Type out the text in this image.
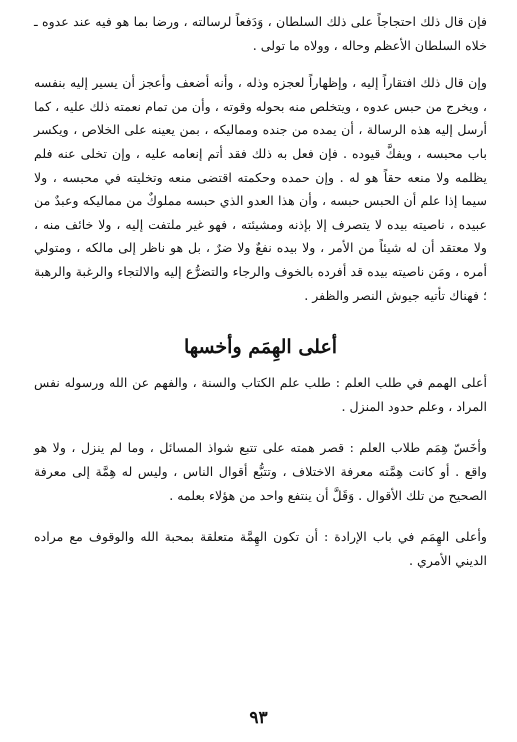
فإن قال ذلك احتجاجاً على ذلك السلطان ، وَدَفعاً لرسالته ، ورضا بما هو فيه عند عدوه ـ خلاه السلطان الأعظم وحاله ، وولاه ما تولى .

وإن قال ذلك افتقاراً إليه ، وإظهاراً لعجزه وذله ، وأنه أضعف وأعجز أن يسير إليه بنفسه ، ويخرج من حبس عدوه ، ويتخلص منه بحوله وقوته ، وأن من تمام نعمته ذلك عليه ، كما أرسل إليه هذه الرسالة ، أن يمده من جنده ومماليكه ، بمن يعينه على الخلاص ، ويكسر باب محبسه ، ويفكَّ قيوده . فإن فعل به ذلك فقد أتم إنعامه عليه ، وإن تخلى عنه فلم يظلمه ولا منعه حقاً هو له . وإن حمده وحكمته اقتضى منعه وتخليته في محبسه ، ولا سيما إذا علم أن الحبس حبسه ، وأن هذا العدو الذي حبسه مملوكٌ من مماليكه وعبدٌ من عبيده ، ناصيته بيده لا يتصرف إلا بإذنه ومشيئته ، فهو غير ملتفت إليه ، ولا خائف منه ، ولا معتقد أن له شيئاً من الأمر ، ولا بيده نفعٌ ولا ضرٌ ، بل هو ناظر إلى مالكه ، ومتولي أمره ، ومَن ناصيته بيده قد أفرده بالخوف والرجاء والتضرُّع إليه والالتجاء والرغبة والرهبة ؛ فهناك تأتيه جيوش النصر والظفر .

أعلى الهِمَم وأخسها

أعلى الهمم في طلب العلم : طلب علم الكتاب والسنة ، والفهم عن الله ورسوله نفس المراد ، وعلم حدود المنزل .

وأخَسّ هِمَم طلاب العلم : قصر همته على تتبع شواذ المسائل ، وما لم ينزل ، ولا هو واقع . أو كانت هِمَّته معرفة الاختلاف ، وتتبُّع أقوال الناس ، وليس له هِمَّة إلى معرفة الصحيح من تلك الأقوال . وَقَلَّ أن ينتفع واحد من هؤلاء بعلمه .

وأعلى الهِمَم في باب الإرادة : أن تكون الهِمَّة متعلقة بمحبة الله والوقوف مع مراده الديني الأمري .

٩٣
